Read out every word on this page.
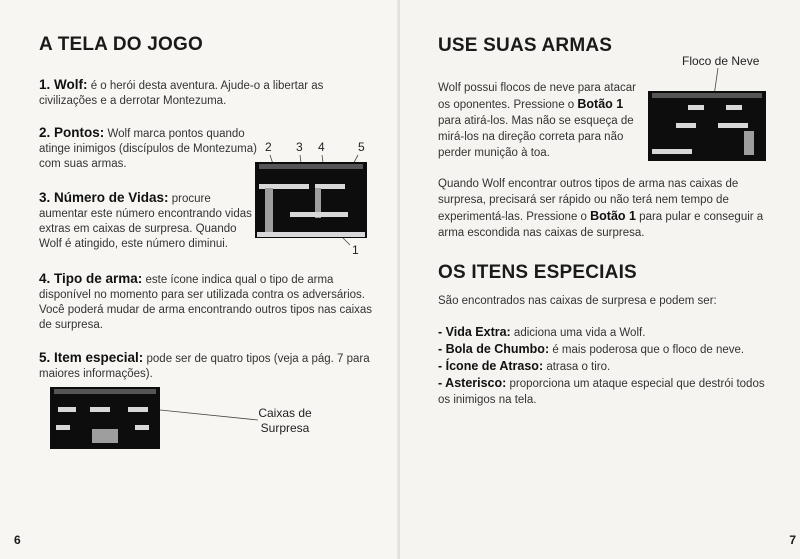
A TELA DO JOGO

1. Wolf: é o herói desta aventura. Ajude-o a libertar as civilizações e a derrotar Montezuma.

2. Pontos: Wolf marca pontos quando atinge inimigos (discípulos de Montezuma) com suas armas.

3. Número de Vidas: procure aumentar este número encontrando vidas extras em caixas de surpresa. Quando Wolf é atingido, este número diminui.

4. Tipo de arma: este ícone indica qual o tipo de arma disponível no momento para ser utilizada contra os adversários. Você poderá mudar de arma encontrando outros tipos nas caixas de surpresa.

5. Item especial: pode ser de quatro tipos (veja a pág. 7 para maiores informações).

2 3 4	5
1
Caixas de Surpresa
6
USE SUAS ARMAS
Floco de Neve

Wolf possui flocos de neve para atacar os oponentes. Pressione o Botão 1 para atirá-los. Mas não se esqueça de mirá-los na direção correta para não perder munição à toa.

Quando Wolf encontrar outros tipos de arma nas caixas de surpresa, precisará ser rápido ou não terá nem tempo de experimentá-las. Pressione o Botão 1 para pular e conseguir a arma escondida nas caixas de surpresa.

OS ITENS ESPECIAIS

São encontrados nas caixas de surpresa e podem ser:

- Vida Extra: adiciona uma vida a Wolf.
- Bola de Chumbo: é mais poderosa que o floco de neve.
- Ícone de Atraso: atrasa o tiro.
- Asterisco: proporciona um ataque especial que destrói todos os inimigos na tela.
7
